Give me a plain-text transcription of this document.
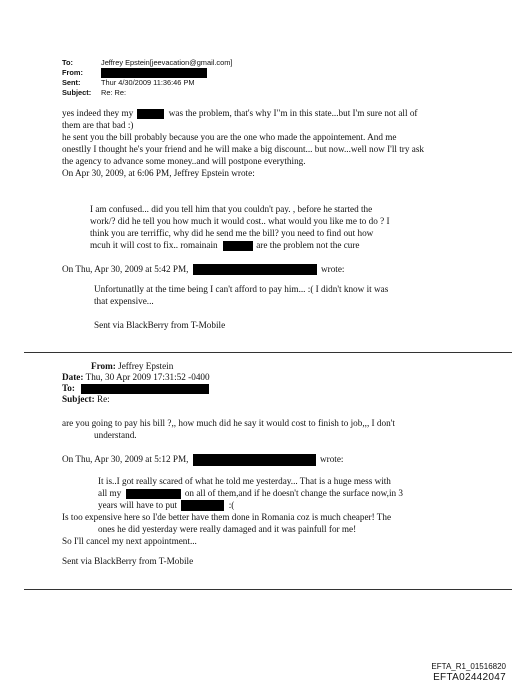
To:	Jeffrey Epstein[jeevacation@gmail.com]
From:
Sent:	Thur 4/30/2009 11:36:46 PM
Subject: Re: Re:
yes indeed they my	was the problem, that's why I"m in this state...but I'm sure not all of
them are that bad :)
he sent you the bill probably because you are the one who made the appointement. And me
onestlly I thought he's your friend and he will make a big discount... but now...well now I'll try ask
the agency to advance some money..and will postpone everything.
On Apr 30, 2009, at 6:06 PM, Jeffrey Epstein wrote:
I am confused... did you tell him that you couldn't pay. , before he started the
work/? did he tell you how much it would cost.. what would you like me to do ? I
think you are terriffic, why did he send me the bill? you need to find out how
mcuh it will cost to fix.. romainain	are the problem not the cure
On Thu, Apr 30, 2009 at 5:42 PM,	wrote:
Unfortunatlly at the time being I can't afford to pay him... :( I didn't know it was
that expensive...
Sent via BlackBerry from T-Mobile
From: Jeffrey Epstein
Date: Thu, 30 Apr 2009 17:31:52 -0400
To:
Subject: Re:
are you going to pay his bill ?,, how much did he say it would cost to finish to job,,, I don't
understand.
On Thu, Apr 30, 2009 at 5:12 PM,	wrote:
It is..I got really scared of what he told me yesterday... That is a huge mess with
all my	on all of them,and if he doesn't change the surface now,in 3
years will have to put	:(
Is too expensive here so I'de better have them done in Romania coz is much cheaper! The
ones he did yesterday were really damaged and it was painfull for me!
So I'll cancel my next appointment...
Sent via BlackBerry from T-Mobile
EFTA_R1_01516820
EFTA02442047
